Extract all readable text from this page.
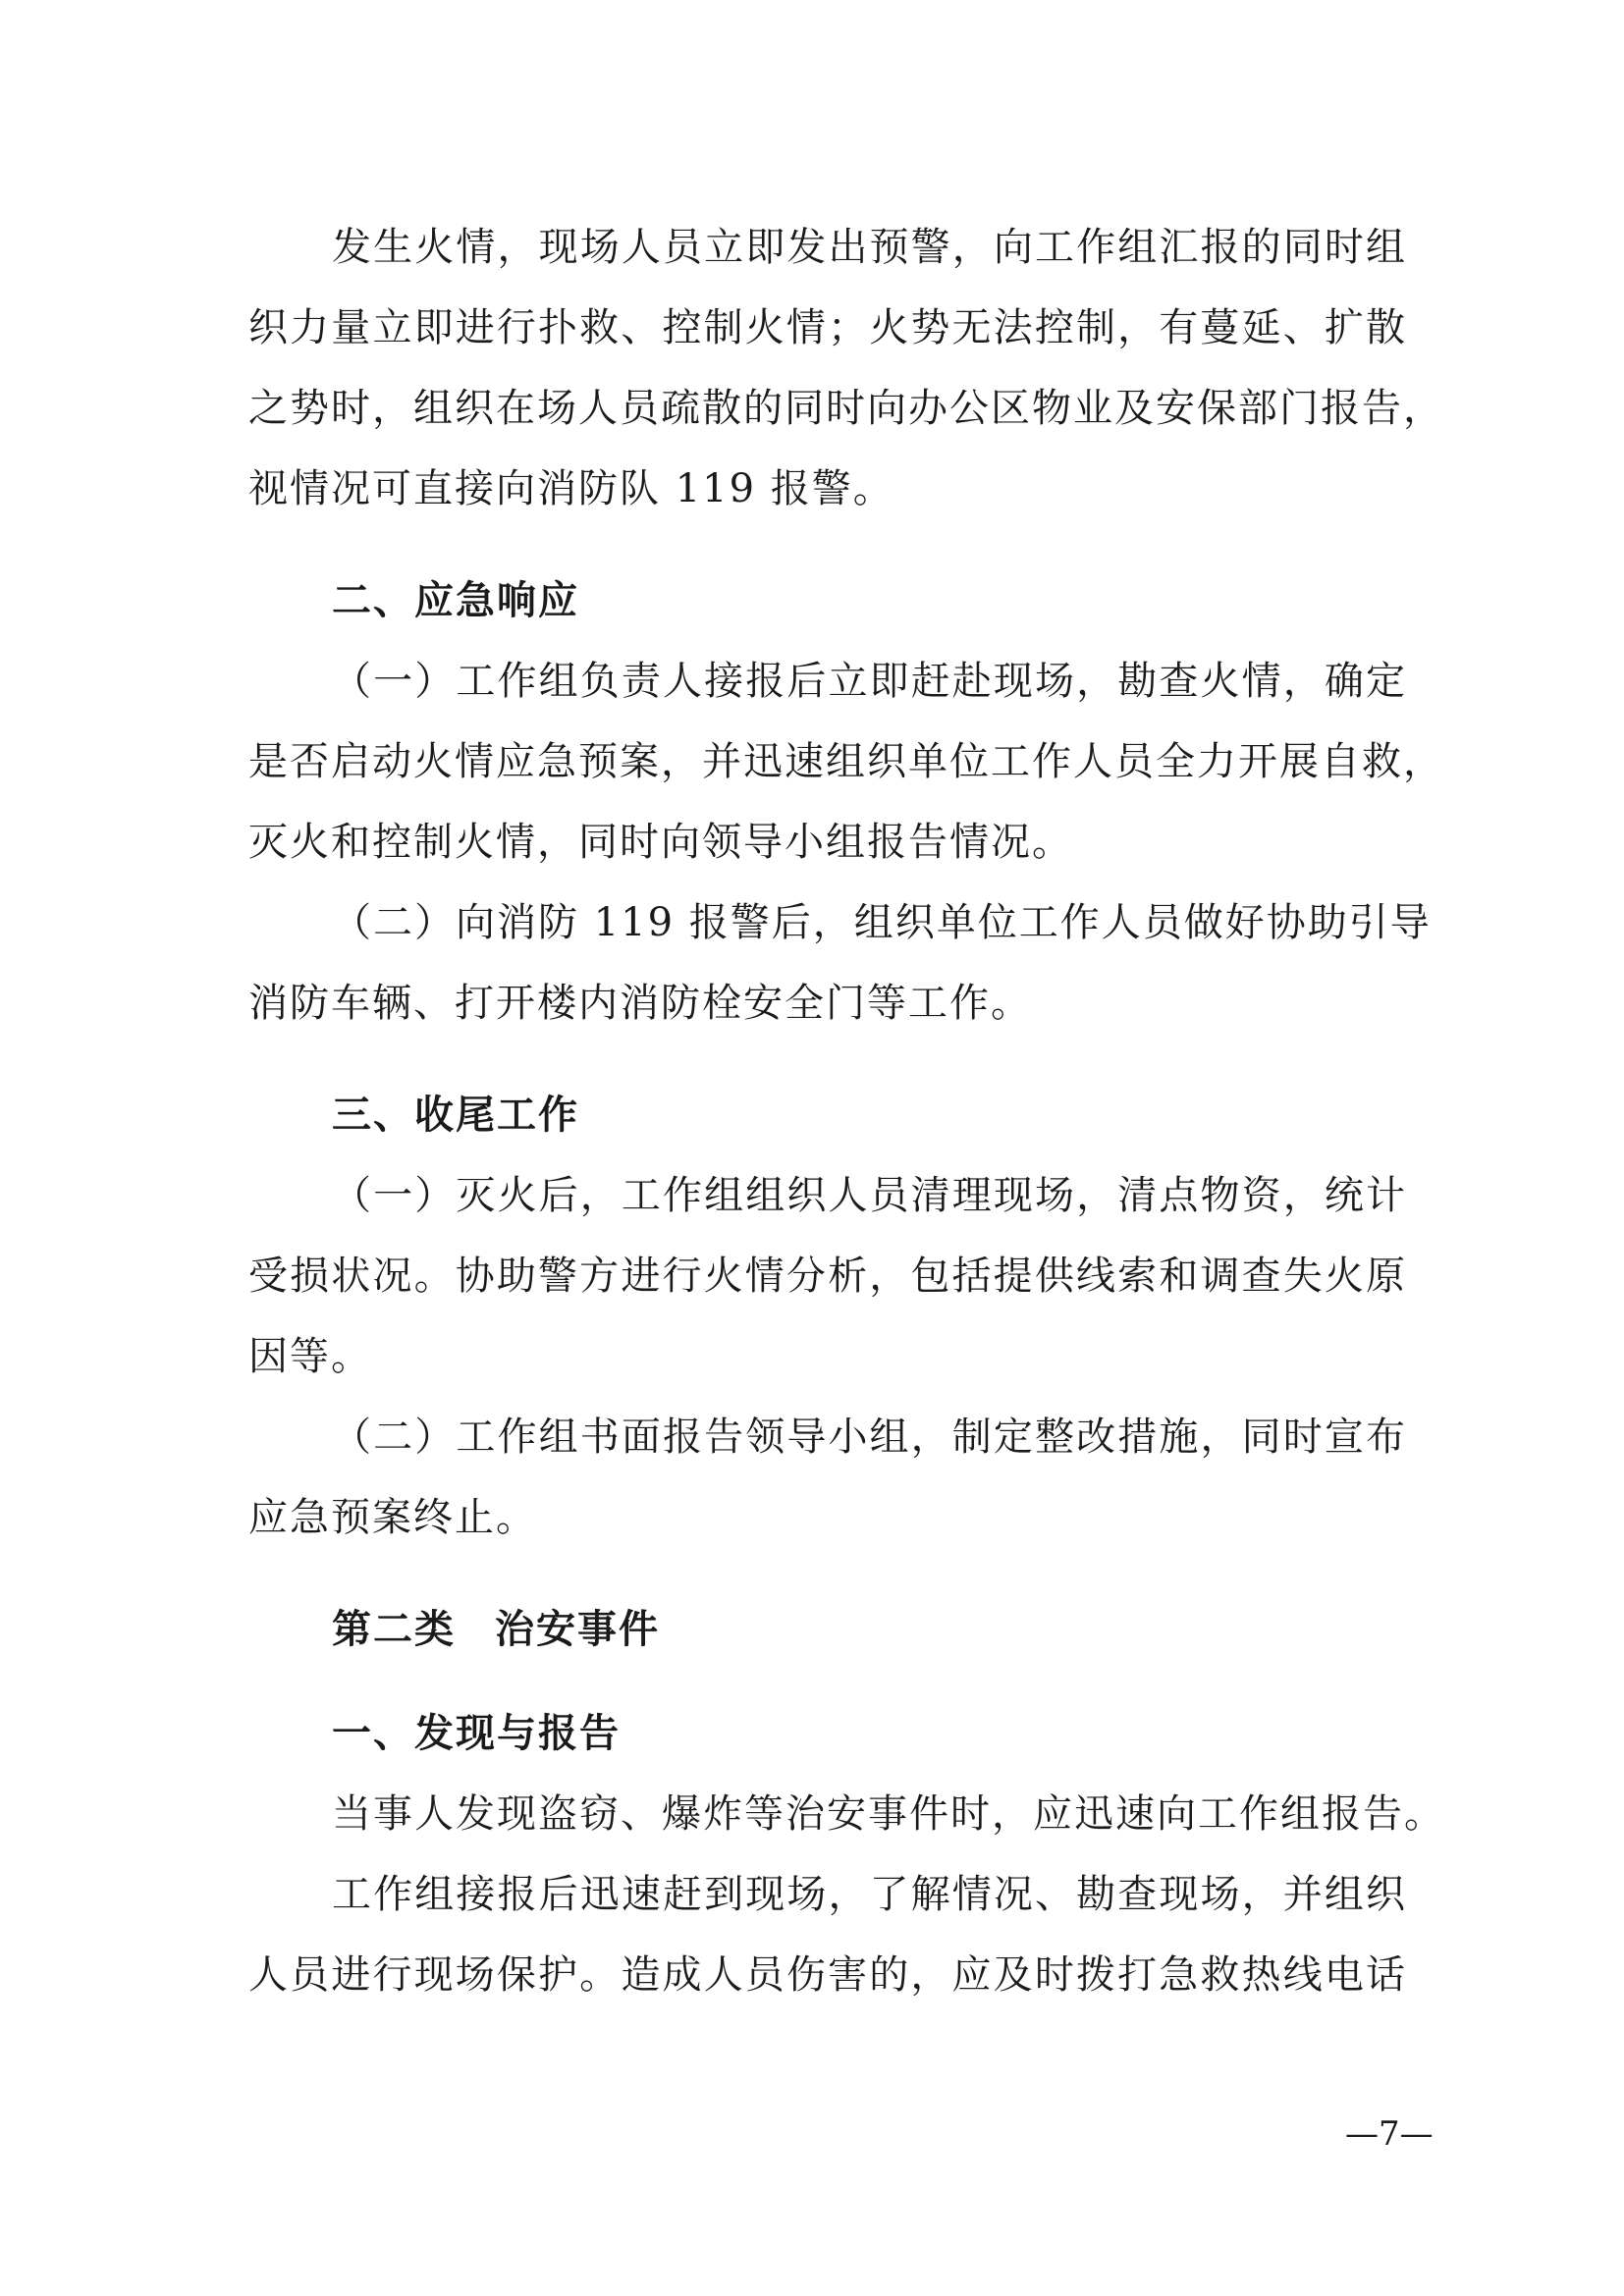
发生火情，现场人员立即发出预警，向工作组汇报的同时组
织力量立即进行扑救、控制火情；火势无法控制，有蔓延、扩散
之势时，组织在场人员疏散的同时向办公区物业及安保部门报告，
视情况可直接向消防队 119 报警。
二、应急响应
（一）工作组负责人接报后立即赶赴现场，勘查火情，确定
是否启动火情应急预案，并迅速组织单位工作人员全力开展自救，
灭火和控制火情，同时向领导小组报告情况。
（二）向消防 119 报警后，组织单位工作人员做好协助引导
消防车辆、打开楼内消防栓安全门等工作。
三、收尾工作
（一）灭火后，工作组组织人员清理现场，清点物资，统计
受损状况。协助警方进行火情分析，包括提供线索和调查失火原
因等。
（二）工作组书面报告领导小组，制定整改措施，同时宣布
应急预案终止。
第二类 治安事件
一、发现与报告
当事人发现盗窃、爆炸等治安事件时，应迅速向工作组报告。
工作组接报后迅速赶到现场，了解情况、勘查现场，并组织
人员进行现场保护。造成人员伤害的，应及时拨打急救热线电话
—7—
